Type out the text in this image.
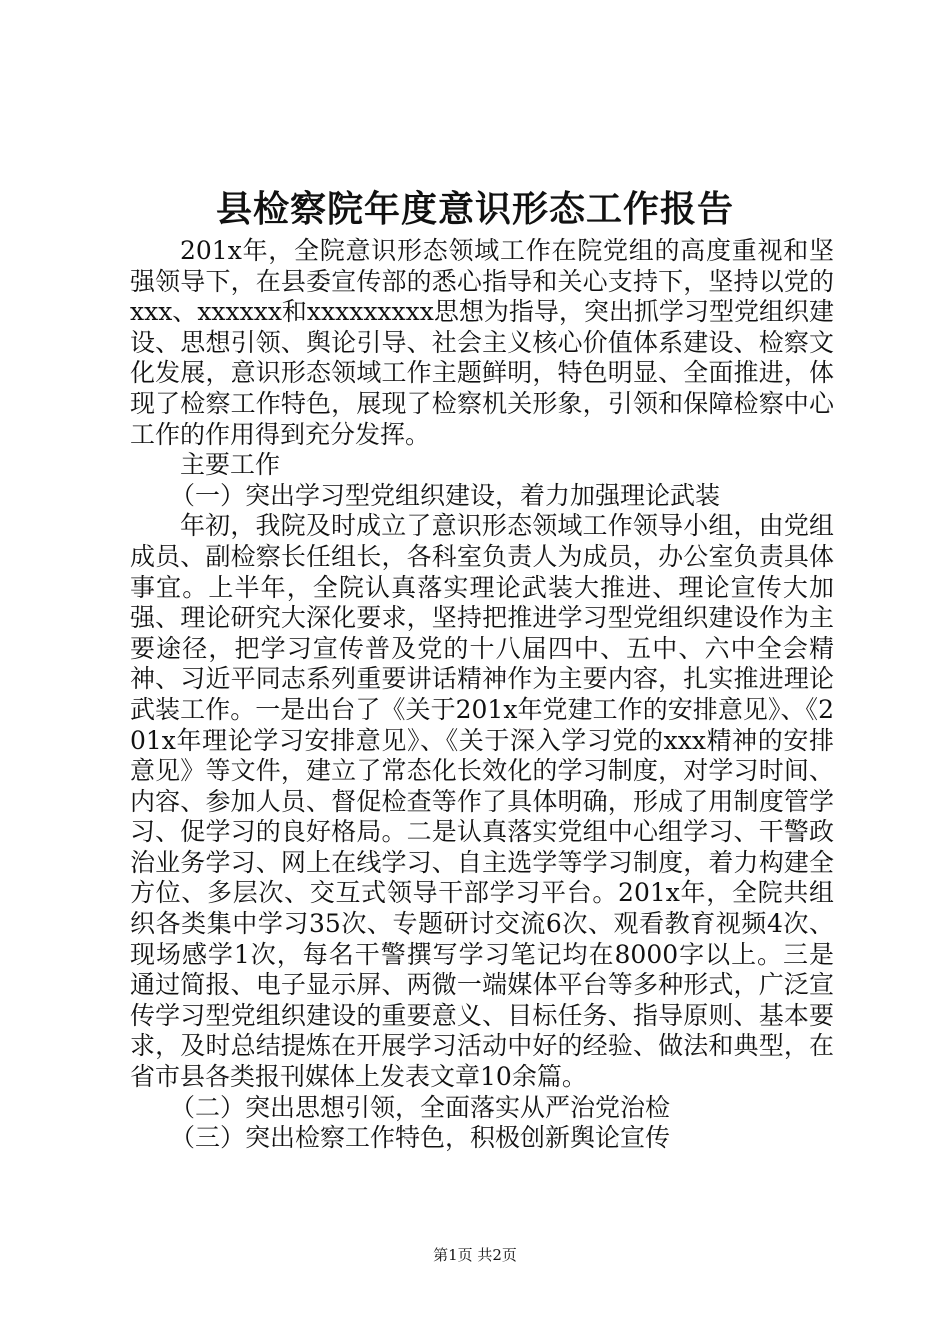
县检察院年度意识形态工作报告

201x年，全院意识形态领域工作在院党组的高度重视和坚强领导下，在县委宣传部的悉心指导和关心支持下，坚持以党的xxx、xxxxxx和xxxxxxxxx思想为指导，突出抓学习型党组织建设、思想引领、舆论引导、社会主义核心价值体系建设、检察文化发展，意识形态领域工作主题鲜明，特色明显、全面推进，体现了检察工作特色，展现了检察机关形象，引领和保障检察中心工作的作用得到充分发挥。

主要工作

（一）突出学习型党组织建设，着力加强理论武装

年初，我院及时成立了意识形态领域工作领导小组，由党组成员、副检察长任组长，各科室负责人为成员，办公室负责具体事宜。上半年，全院认真落实理论武装大推进、理论宣传大加强、理论研究大深化要求，坚持把推进学习型党组织建设作为主要途径，把学习宣传普及党的十八届四中、五中、六中全会精神、习近平同志系列重要讲话精神作为主要内容，扎实推进理论武装工作。一是出台了《关于201x年党建工作的安排意见》、《201x年理论学习安排意见》、《关于深入学习党的xxx精神的安排意见》等文件，建立了常态化长效化的学习制度，对学习时间、内容、参加人员、督促检查等作了具体明确，形成了用制度管学习、促学习的良好格局。二是认真落实党组中心组学习、干警政治业务学习、网上在线学习、自主选学等学习制度，着力构建全方位、多层次、交互式领导干部学习平台。201x年，全院共组织各类集中学习35次、专题研讨交流6次、观看教育视频4次、现场感学1次，每名干警撰写学习笔记均在8000字以上。三是通过简报、电子显示屏、两微一端媒体平台等多种形式，广泛宣传学习型党组织建设的重要意义、目标任务、指导原则、基本要求，及时总结提炼在开展学习活动中好的经验、做法和典型，在省市县各类报刊媒体上发表文章10余篇。

（二）突出思想引领，全面落实从严治党治检

（三）突出检察工作特色，积极创新舆论宣传

第1页 共2页
